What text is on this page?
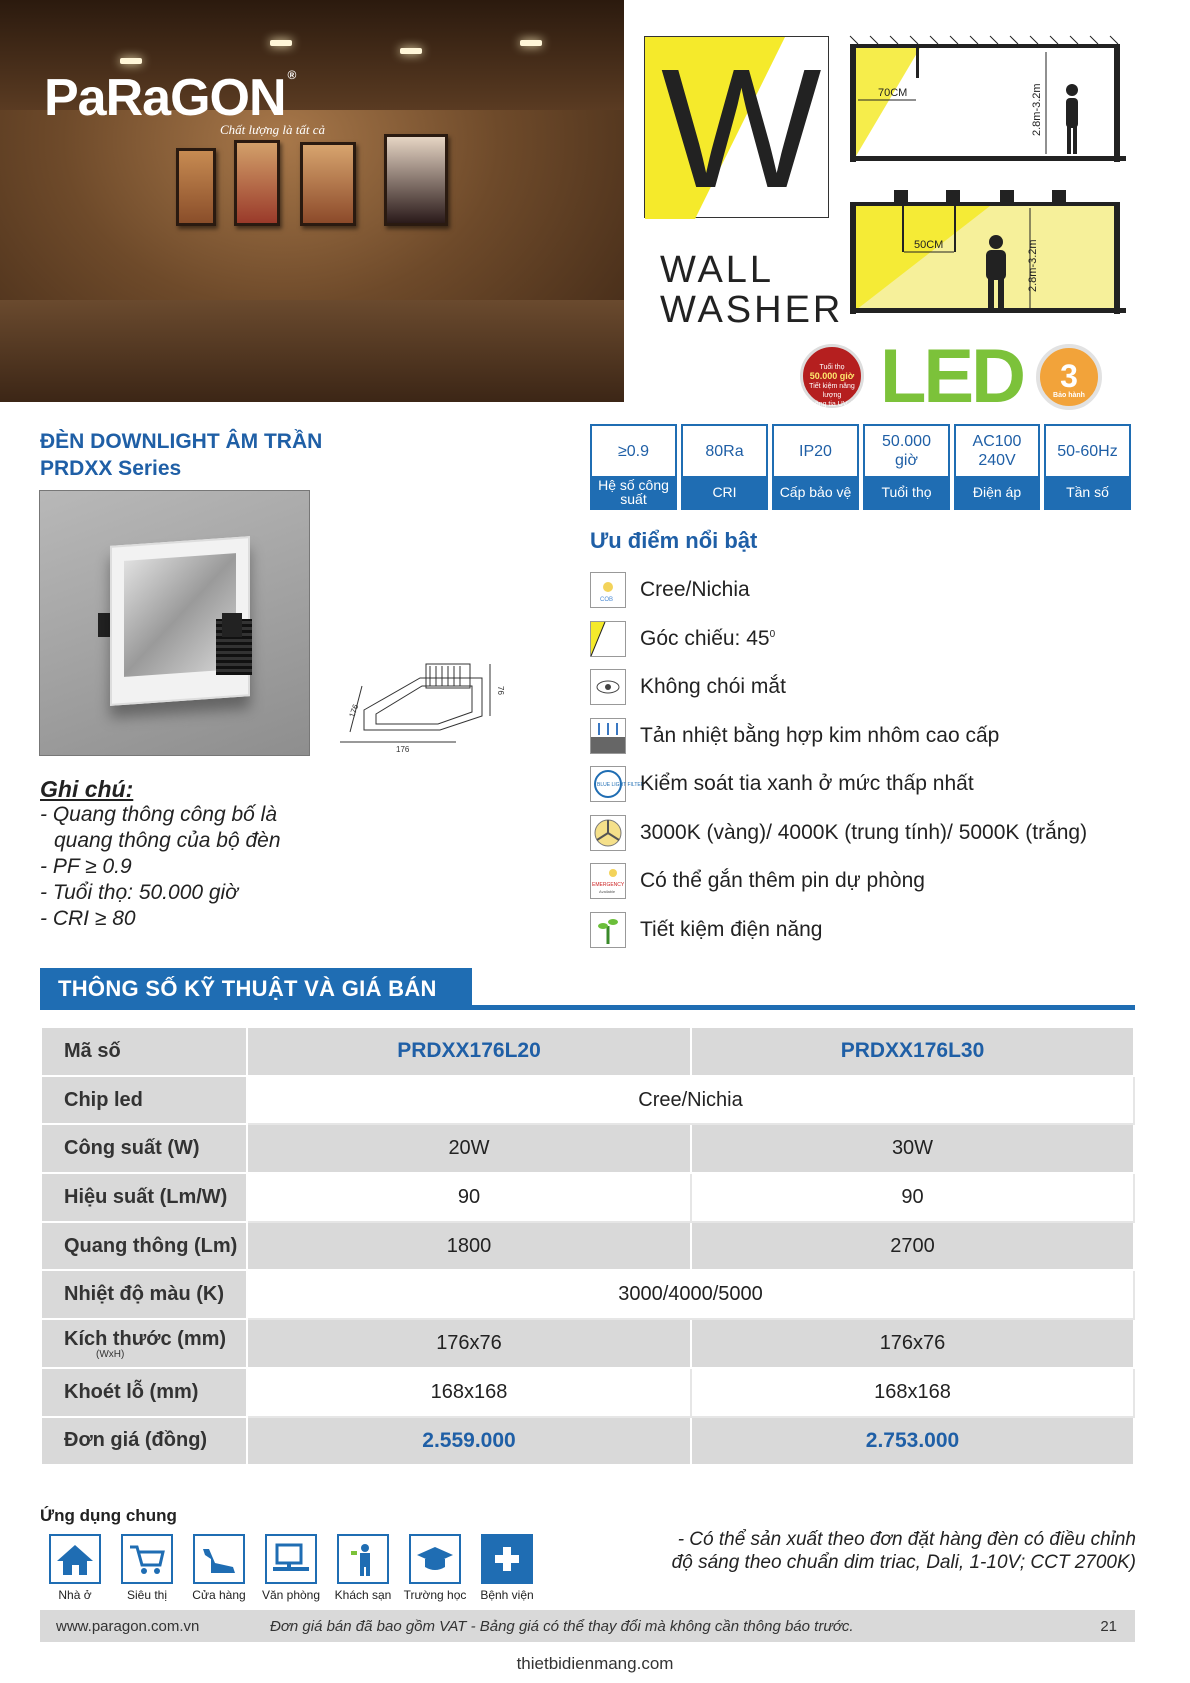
PaRaGON ®
Chất lượng là tất cả W
WALL
WASHER
70CM	2.8m-3.2m
50CM	2.8m-3.2m
Tuổi thọ
50.000 giờ
Tiết kiệm năng lượng
Không tia UV, IR LED	3
Bảo hành
ĐÈN DOWNLIGHT ÂM TRẦN
PRDXX Series
176
76
176
Ghi chú:
- Quang thông công bố là
quang thông của bộ đèn
- PF ≥ 0.9
- Tuổi thọ: 50.000 giờ
- CRI ≥ 80
≥0.9
Hệ số công suất
80Ra
CRI
IP20
Cấp bảo vệ
50.000 giờ
Tuổi thọ
AC100 240V
Điện áp
50-60Hz
Tần số
Ưu điểm nổi bật
COB Cree/Nichia
Góc chiếu: $45^0$
Không chói mắt
Tản nhiệt bằng hợp kim nhôm cao cấp
BLUE LIGHT FILTER
Kiểm soát tia xanh ở mức thấp nhất
3000K (vàng)/ 4000K (trung tính)/ 5000K (trắng)
EMERGENCY
Available Có thể gắn thêm pin dự phòng
Tiết kiệm điện năng
THÔNG SỐ KỸ THUẬT VÀ GIÁ BÁN
Mã số	PRDXX176L20	PRDXX176L30
Chip led	Cree/Nichia	
Công suất (W)	20W	30W
Hiệu suất (Lm/W)	90	90
Quang thông (Lm)	1800	2700
Nhiệt độ màu (K)	3000/4000/5000	
Kích thước (mm)
(WxH)	176x76	176x76
Khoét lỗ (mm)	168x168	168x168
Đơn giá (đồng)	2.559.000	2.753.000
Ứng dụng chung
Nhà ở	Siêu thị	Cửa hàng	Văn phòng	Khách sạn	Trường học	Bệnh viện
- Có thể sản xuất theo đơn đặt hàng đèn có điều chỉnh
độ sáng theo chuẩn dim triac, Dali, 1-10V; CCT 2700K)
www.paragon.com.vn	Đơn giá bán đã bao gồm VAT - Bảng giá có thể thay đổi mà không cần thông báo trước.	21
thietbidienmang.com
